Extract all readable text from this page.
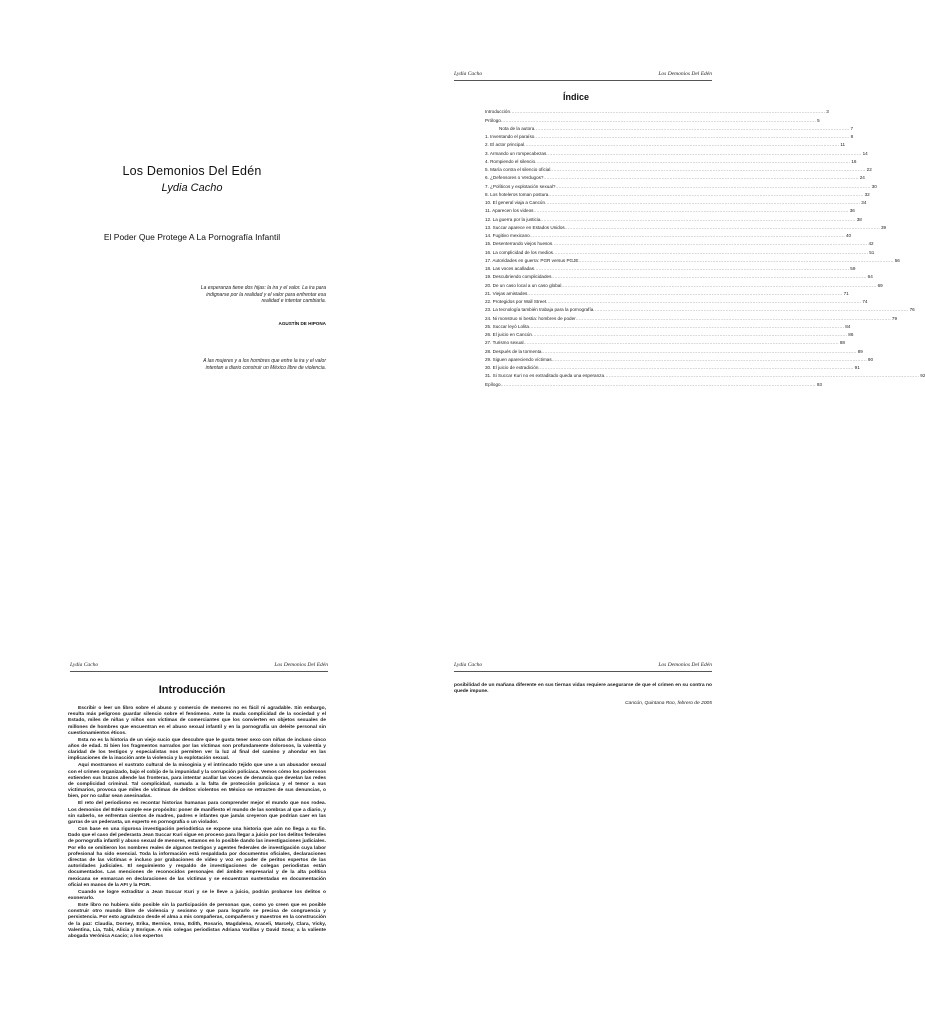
Los Demonios Del Edén
Lydia Cacho
El Poder Que Protege A La Pornografía Infantil
La esperanza tiene dos hijas: la ira y el valor. La ira para indignarse por la realidad y el valor para enfrentar esa realidad e intentar cambiarla.
AGUSTÍN DE HIPONA
A las mujeres y a los hombres que entre la ira y el valor intentan a diario construir un México libre de violencia.
Lydia Cacho	Los Demonios Del Edén
Índice
Introducción ........................................................................................................................................................................................................ 3
Prólogo ........................................................................................................................................................................................................ 5
Nota de la autora ........................................................................................................................................................................................................ 7
1. Inventando el paraíso ........................................................................................................................................................................................................ 8
2. El actor principal ........................................................................................................................................................................................................ 11
3. Armando un rompecabezas ........................................................................................................................................................................................................ 14
4. Rompiendo el silencio ........................................................................................................................................................................................................ 16
5. María contra el silencio oficial ........................................................................................................................................................................................................ 22
6. ¿Defensores o Verdugos? ........................................................................................................................................................................................................ 24
7. ¿Políticos y explotación sexual? ........................................................................................................................................................................................................ 30
8. Los hoteleros toman postura ........................................................................................................................................................................................................ 32
10. El general viaja a Cancún ........................................................................................................................................................................................................ 34
11. Aparecen los videos ........................................................................................................................................................................................................ 36
12. La guerra por la justicia ........................................................................................................................................................................................................ 38
13. Succar aparece en Estados Unidos ........................................................................................................................................................................................................ 39
14. Fugitivo mexicano ........................................................................................................................................................................................................ 40
15. Desenterrando viejos huesos ........................................................................................................................................................................................................ 42
16. La complicidad de los medios ........................................................................................................................................................................................................ 51
17. Autoridades en guerra: PGR versus PGJE ........................................................................................................................................................................................................ 56
18. Las voces acalladas ........................................................................................................................................................................................................ 59
19. Descubriendo complicidades ........................................................................................................................................................................................................ 64
20. De un caso local a un caso global ........................................................................................................................................................................................................ 69
21. Viejas amistades ........................................................................................................................................................................................................ 71
22. Protegidos por Wall Street ........................................................................................................................................................................................................ 74
23. La tecnología también trabaja para la pornografía ........................................................................................................................................................................................................ 76
24. Ni monstruo ni bestia: hombres de poder ........................................................................................................................................................................................................ 79
25. Succar leyó Lolita ........................................................................................................................................................................................................ 84
26. El juicio en Cancún ........................................................................................................................................................................................................ 86
27. Turismo sexual ........................................................................................................................................................................................................ 88
28. Después de la tormenta ........................................................................................................................................................................................................ 89
29. Siguen apareciendo víctimas ........................................................................................................................................................................................................ 90
30. El juicio de extradición ........................................................................................................................................................................................................ 91
31. Si Succar Kuri no es extraditado queda una esperanza ........................................................................................................................................................................................................ 92
Epílogo ........................................................................................................................................................................................................ 93
Lydia Cacho	Los Demonios Del Edén
Introducción

Escribir o leer un libro sobre el abuso y comercio de menores no es fácil ni agradable. Sin embargo, resulta más peligroso guardar silencio sobre el fenómeno. Ante la muda complicidad de la sociedad y el Estado, miles de niñas y niños son víctimas de comerciantes que los convierten en objetos sexuales de millones de hombres que encuentran en el abuso sexual infantil y en la pornografía un deleite personal sin cuestionamientos éticos.

Esta no es la historia de un viejo sucio que descubre que le gusta tener sexo con niñas de incluso cinco años de edad. Si bien los fragmentos narrados por las víctimas son profundamente dolorosos, la valentía y claridad de los testigos y especialistas nos permiten ver la luz al final del camino y ahondar en las implicaciones de la inacción ante la violencia y la explotación sexual.

Aquí mostramos el sustrato cultural de la misoginia y el intrincado tejido que une a un abusador sexual con el crimen organizado, bajo el cobijo de la impunidad y la corrupción policiaca. Vemos cómo los poderosos extienden sus brazos allende las fronteras, para intentar acallar las voces de denuncia que develan las redes de complicidad criminal. Tal complicidad, sumada a la falta de protección policiaca y el temor a sus victimarios, provoca que miles de víctimas de delitos violentos en México se retracten de sus denuncias, o bien, por no callar sean asesinadas.

El reto del periodismo es recontar historias humanas para comprender mejor el mundo que nos rodea. Los demonios del Edén cumple ese propósito: poner de manifiesto el mundo de las sombras al que a diario, y sin saberlo, se enfrentan cientos de madres, padres e infantes que jamás creyeron que podrían caer en las garras de un pederasta, un experto en pornografía o un violador.

Con base en una rigurosa investigación periodística se expone una historia que aún no llega a su fin. Dado que el caso del pederasta Jean Succar Kuri sigue en proceso para llegar a juicio por los delitos federales de pornografía infantil y abuso sexual de menores, estamos en lo posible dando las investigaciones judiciales. Por ello se omitieron los nombres reales de algunos testigos y agentes federales de investigación cuya labor profesional ha sido esencial. Toda la información está respaldada por documentos oficiales, declaraciones directas de las víctimas e incluso por grabaciones de video y voz en poder de peritos expertos de las autoridades judiciales. El seguimiento y respaldo de investigaciones de colegas periodistas están documentados. Las menciones de reconocidos personajes del ámbito empresarial y de la alta política mexicana se enmarcan en declaraciones de las víctimas y se encuentran sustentadas en documentación oficial en manos de la AFI y la PGR.

Cuando se logre extraditar a Jean Succar Kuri y se le lleve a juicio, podrán probarse los delitos o exonerarlo.

Este libro no hubiera sido posible sin la participación de personas que, como yo creen que es posible construir otro mundo libre de violencia y sexismo y que para lograrlo se precisa de congruencia y persistencia. Por esto agradezco desde el alma a mis compañeras, compañeros y maestros en la construcción de la paz: Claudia, Dorney, Erika, Bernice, Irma, Edith, Rosario, Magdalena, Araceli, Marcely, Clara, Vicky, Valentina, Lia, Tabi, Alicia y Enrique. A mis colegas periodistas Adriana Varillas y David Sosa; a la valiente abogada Verónica Acacio; a los expertos

Lydia Cacho	Los Demonios Del Edén
posibilidad de un mañana diferente en sus tiernas vidas requiere asegurarse de que el crimen en su contra no quede impune.
Cancún, Quintana Roo, febrero de 2005
